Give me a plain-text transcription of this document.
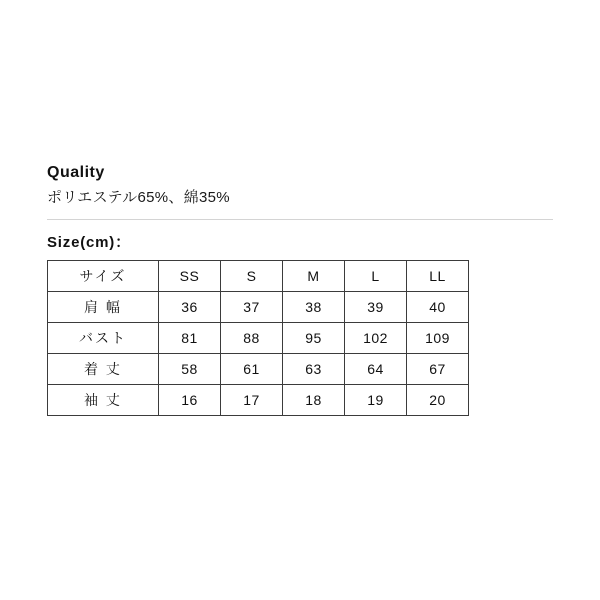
Quality

ポリエステル65%、綿35%

Size(cm)：
サイズ	SS	S	M	L	LL
肩 幅	36	37	38	39	40
バスト	81	88	95	102	109
着 丈	58	61	63	64	67
袖 丈	16	17	18	19	20
